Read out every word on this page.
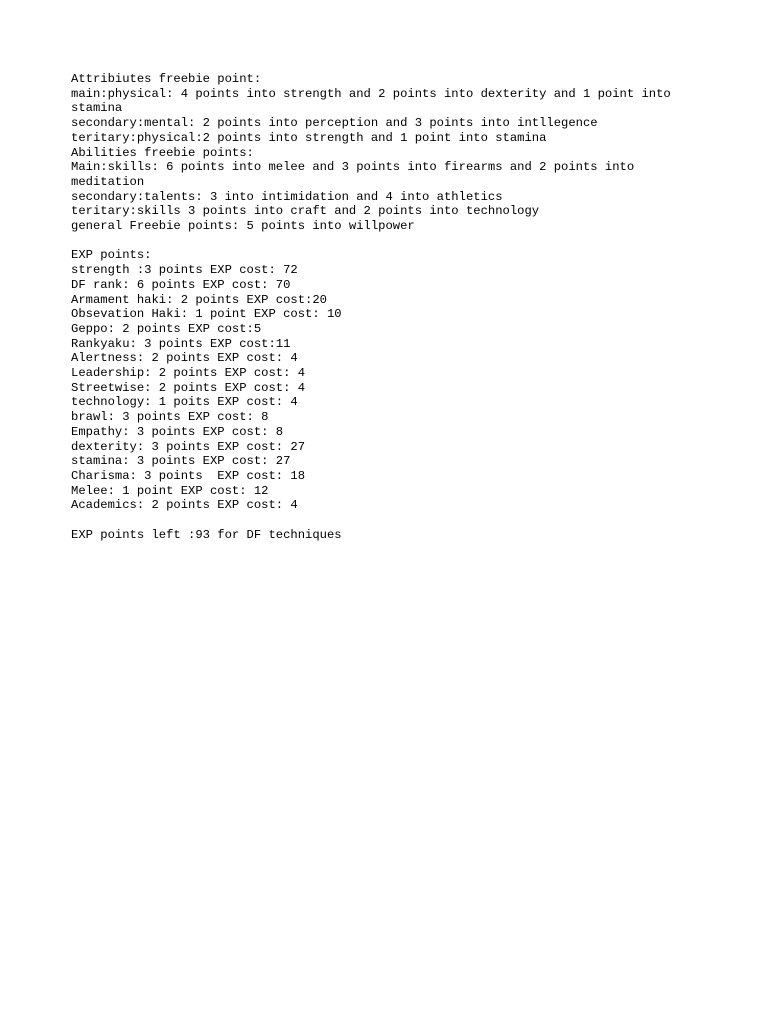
Attribiutes freebie point:
main:physical: 4 points into strength and 2 points into dexterity and 1 point into stamina
secondary:mental: 2 points into perception and 3 points into intllegence
teritary:physical:2 points into strength and 1 point into stamina
Abilities freebie points:
Main:skills: 6 points into melee and 3 points into firearms and 2 points into meditation
secondary:talents: 3 into intimidation and 4 into athletics
teritary:skills 3 points into craft and 2 points into technology
general Freebie points: 5 points into willpower
EXP points:
strength :3 points EXP cost: 72
DF rank: 6 points EXP cost: 70
Armament haki: 2 points EXP cost:20
Obsevation Haki: 1 point EXP cost: 10
Geppo: 2 points EXP cost:5
Rankyaku: 3 points EXP cost:11
Alertness: 2 points EXP cost: 4
Leadership: 2 points EXP cost: 4
Streetwise: 2 points EXP cost: 4
technology: 1 poits EXP cost: 4
brawl: 3 points EXP cost: 8
Empathy: 3 points EXP cost: 8
dexterity: 3 points EXP cost: 27
stamina: 3 points EXP cost: 27
Charisma: 3 points  EXP cost: 18
Melee: 1 point EXP cost: 12
Academics: 2 points EXP cost: 4
EXP points left :93 for DF techniques
